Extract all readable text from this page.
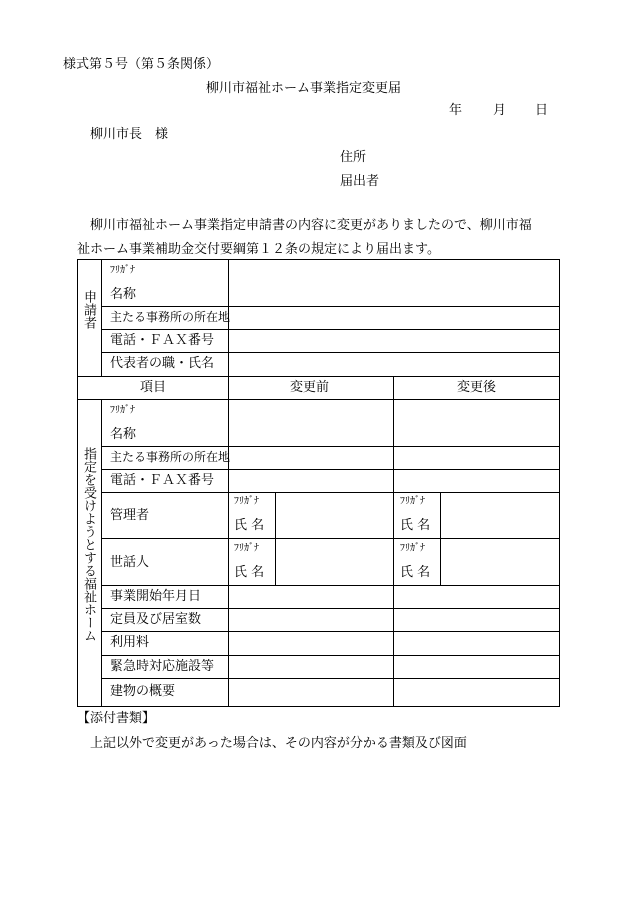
様式第５号（第５条関係）
柳川市福祉ホーム事業指定変更届
年 月 日
柳川市長　様
住所
届出者
柳川市福祉ホーム事業指定申請書の内容に変更がありましたので、柳川市福
祉ホーム事業補助金交付要綱第１２条の規定により届出ます。
申請者
ﾌﾘｶﾞﾅ
名称
主たる事務所の所在地
電話・ＦＡＸ番号
代表者の職・氏名
項目	変更前	変更後
指定を受けようとする福祉ホーム
ﾌﾘｶﾞﾅ
名称
主たる事務所の所在地
電話・ＦＡＸ番号
管理者
世話人
ﾌﾘｶﾞﾅ
氏 名
ﾌﾘｶﾞﾅ
氏 名
ﾌﾘｶﾞﾅ
氏 名
ﾌﾘｶﾞﾅ
氏 名
事業開始年月日
定員及び居室数
利用料
緊急時対応施設等
建物の概要
【添付書類】
上記以外で変更があった場合は、その内容が分かる書類及び図面
